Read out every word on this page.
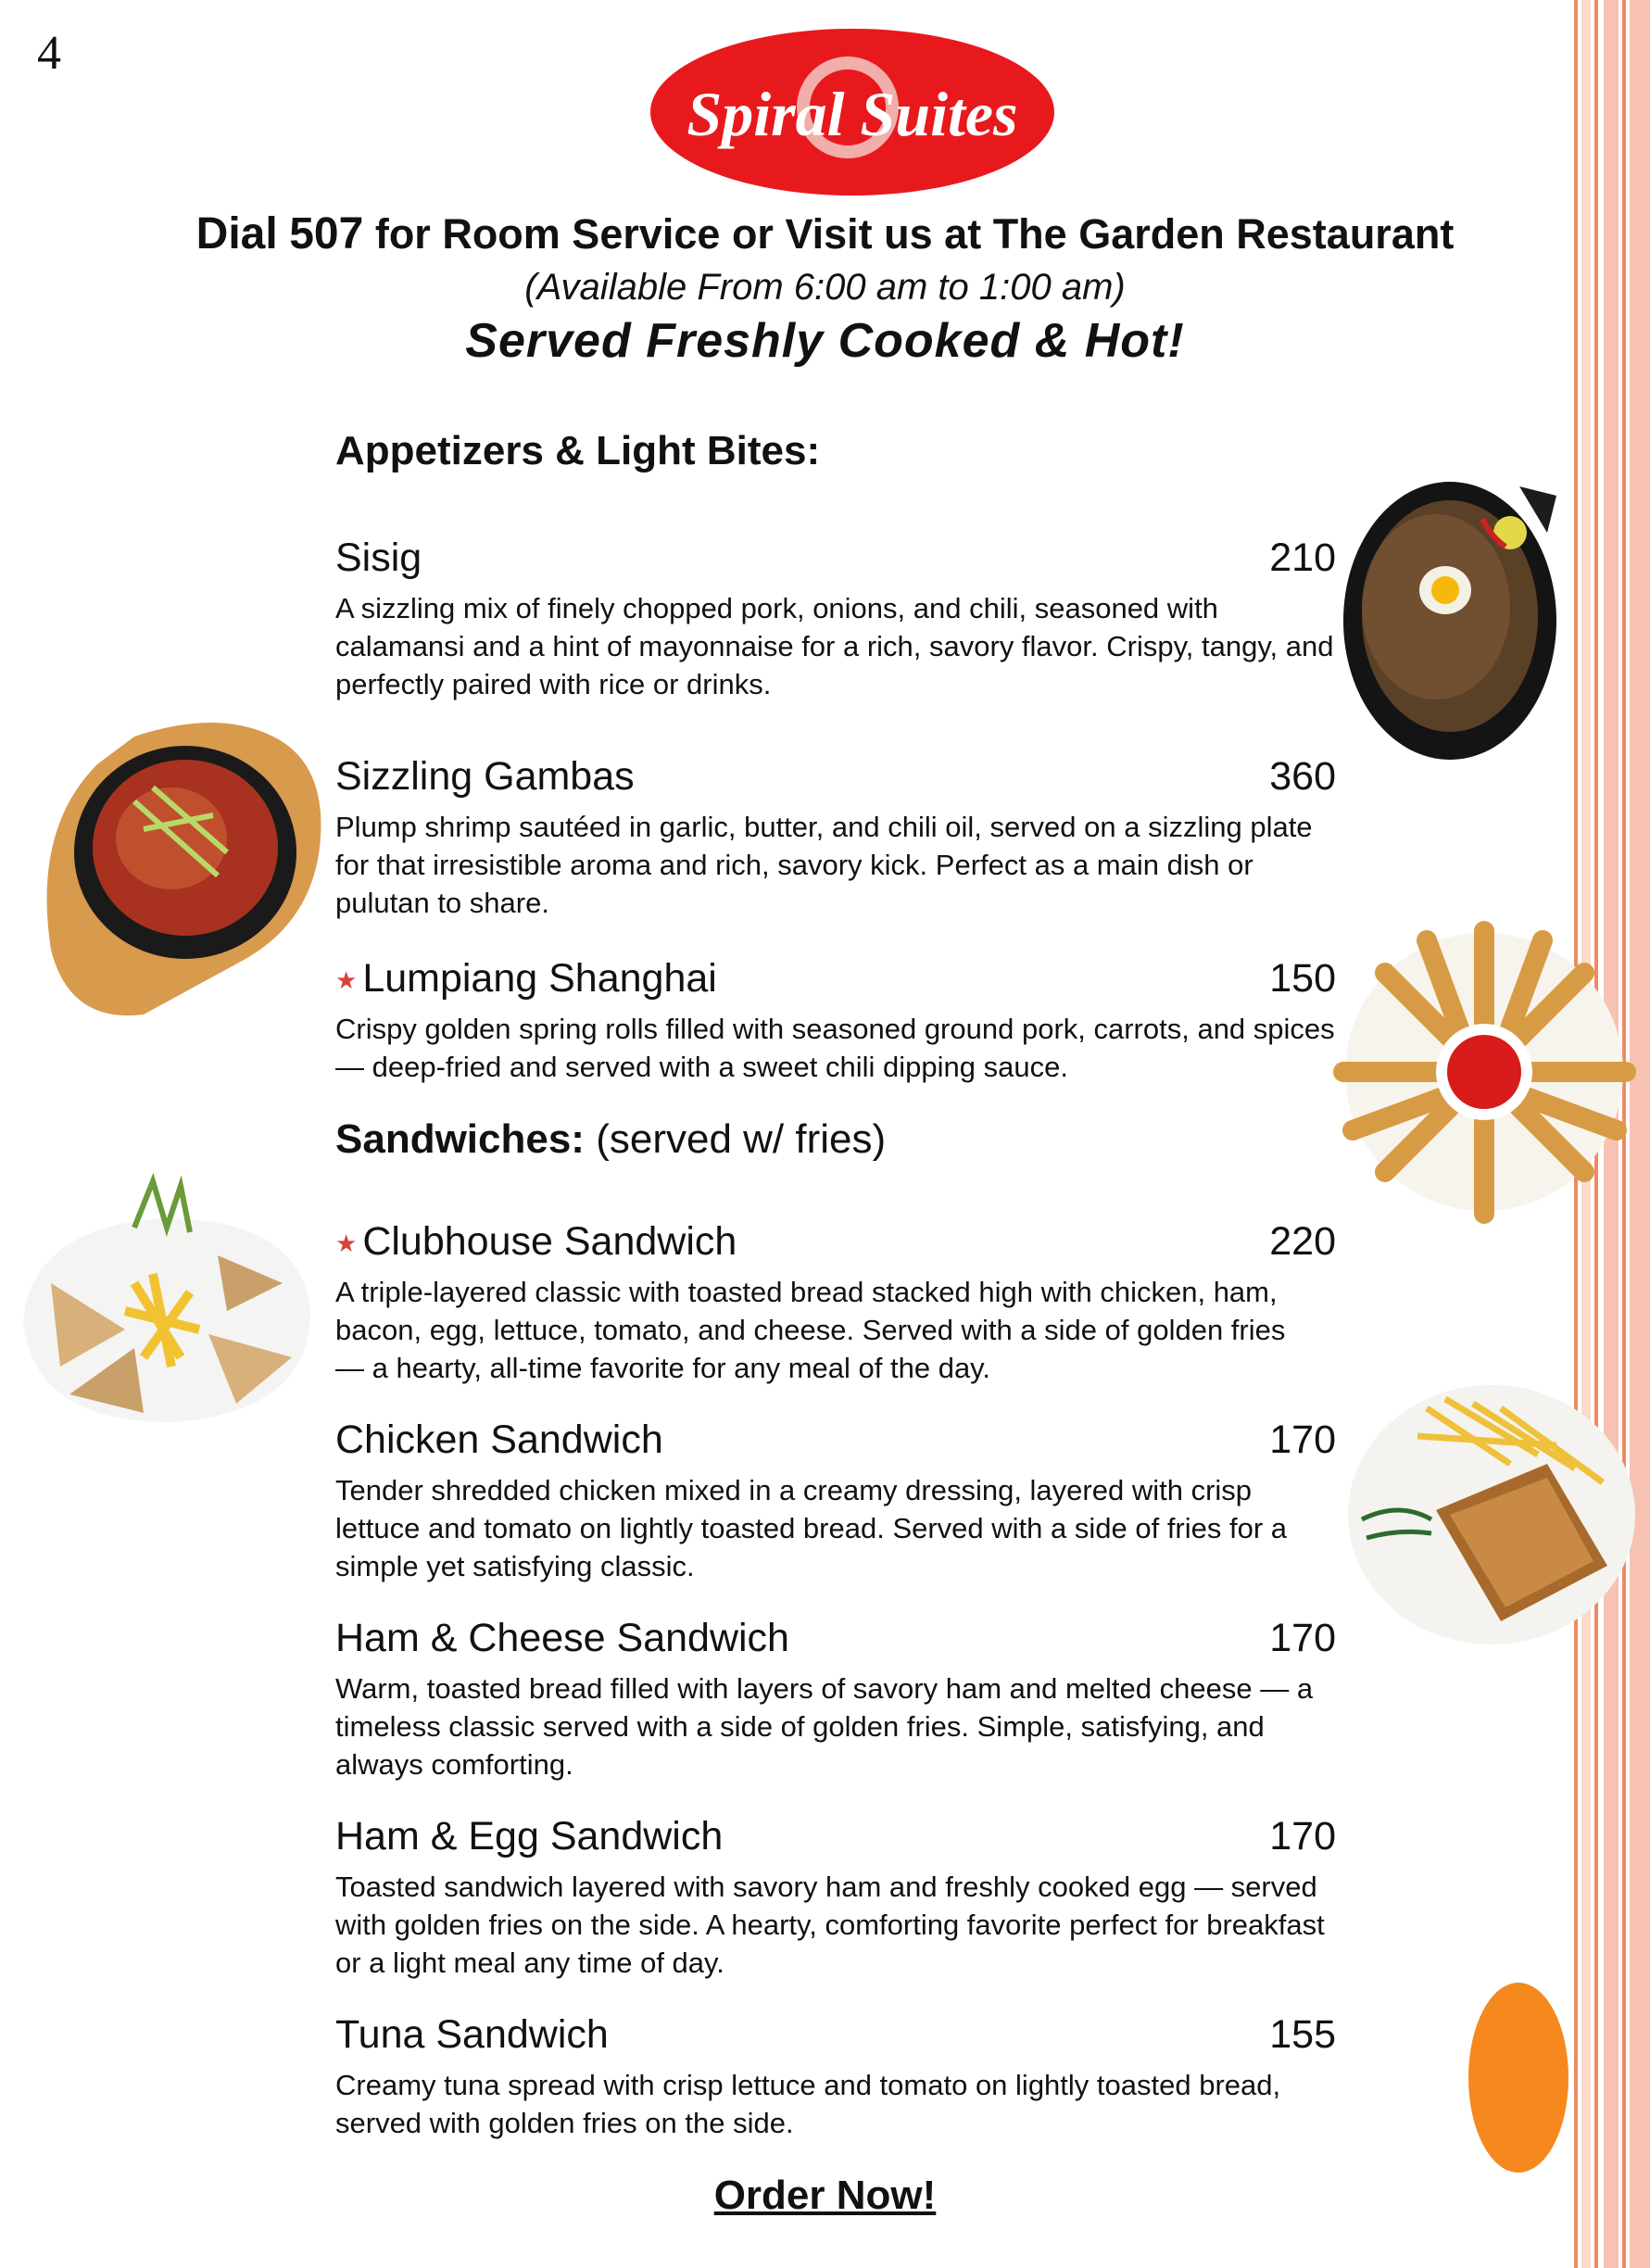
4
Spiral Suites
Dial 507 for Room Service or Visit us at The Garden Restaurant
(Available From 6:00 am to 1:00 am)
Served Freshly Cooked & Hot!
Appetizers & Light Bites:
Sandwiches: (served w/ fries)
Sisig	210
A sizzling mix of finely chopped pork, onions, and chili, seasoned with calamansi and a hint of mayonnaise for a rich, savory flavor. Crispy, tangy, and perfectly paired with rice or drinks.
Sizzling Gambas	360
Plump shrimp sautéed in garlic, butter, and chili oil, served on a sizzling plate for that irresistible aroma and rich, savory kick. Perfect as a main dish or pulutan to share.
★ Lumpiang Shanghai	150
Crispy golden spring rolls filled with seasoned ground pork, carrots, and spices — deep-fried and served with a sweet chili dipping sauce.
★ Clubhouse Sandwich	220
A triple-layered classic with toasted bread stacked high with chicken, ham, bacon, egg, lettuce, tomato, and cheese. Served with a side of golden fries — a hearty, all-time favorite for any meal of the day.
Chicken Sandwich	170
Tender shredded chicken mixed in a creamy dressing, layered with crisp lettuce and tomato on lightly toasted bread. Served with a side of fries for a simple yet satisfying classic.
Ham & Cheese Sandwich	170
Warm, toasted bread filled with layers of savory ham and melted cheese — a timeless classic served with a side of golden fries. Simple, satisfying, and always comforting.
Ham & Egg Sandwich	170
Toasted sandwich layered with savory ham and freshly cooked egg — served with golden fries on the side. A hearty, comforting favorite perfect for breakfast or a light meal any time of day.
Tuna Sandwich	155
Creamy tuna spread with crisp lettuce and tomato on lightly toasted bread, served with golden fries on the side.
Order Now!
